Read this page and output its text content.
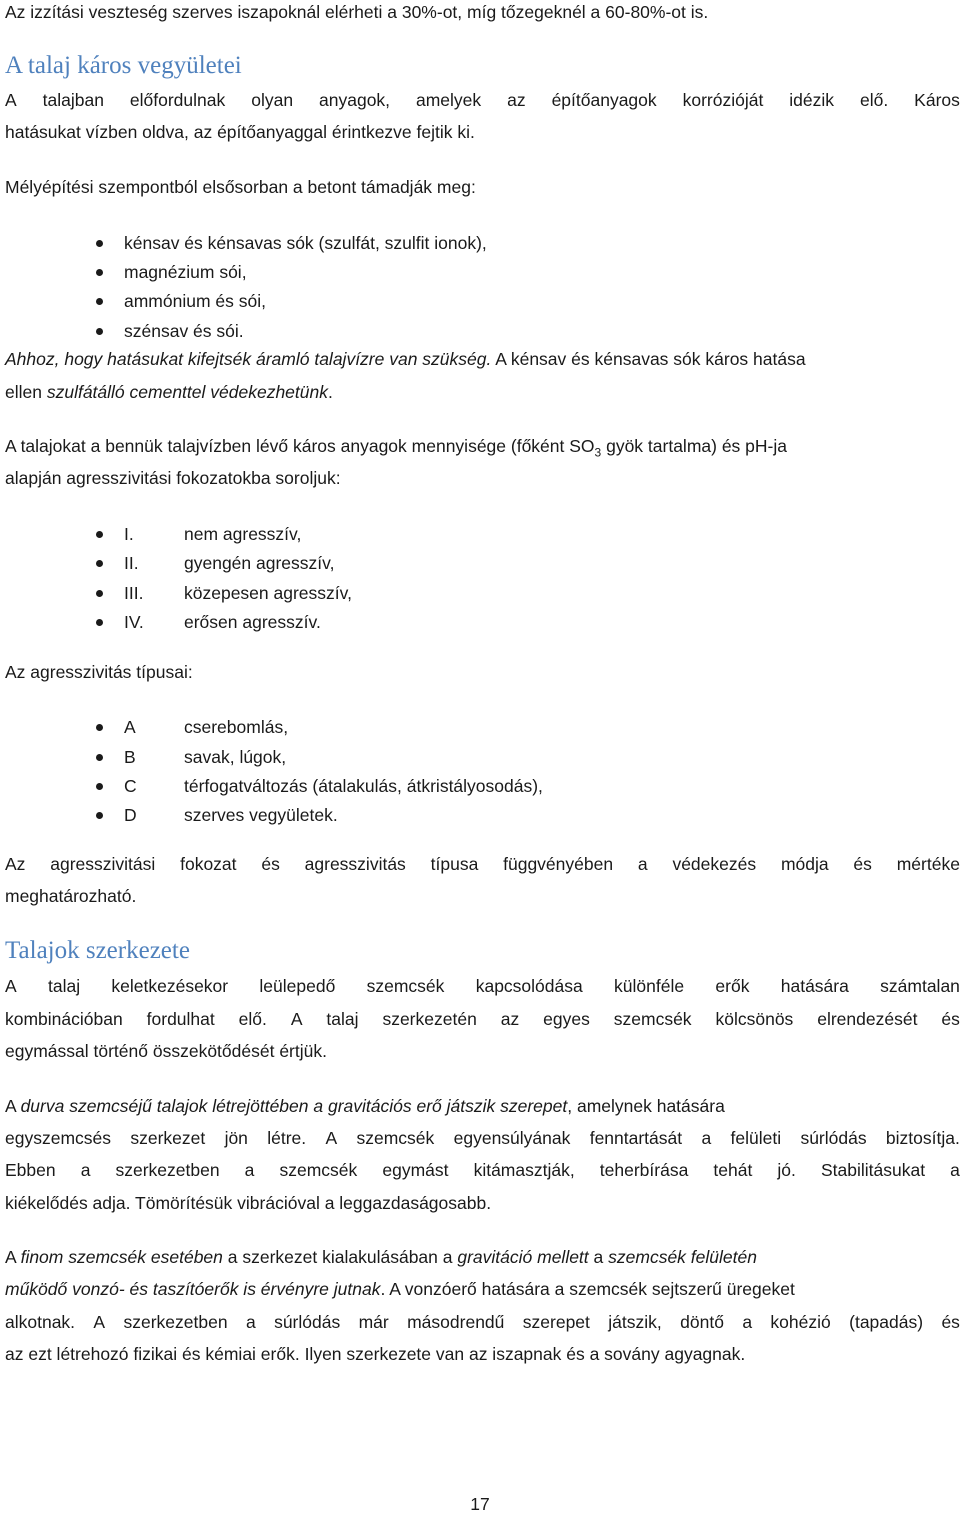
Az izzítási veszteség szerves iszapoknál elérheti a 30%-ot, míg tőzegeknél a 60-80%-ot is.
A talaj káros vegyületei
A talajban előfordulnak olyan anyagok, amelyek az építőanyagok korrózióját idézik elő. Káros
hatásukat vízben oldva, az építőanyaggal érintkezve fejtik ki.
Mélyépítési szempontból elsősorban a betont támadják meg:
kénsav és kénsavas sók (szulfát, szulfit ionok),
magnézium sói,
ammónium és sói,
szénsav és sói.
Ahhoz, hogy hatásukat kifejtsék áramló talajvízre van szükség. A kénsav és kénsavas sók káros hatása
ellen szulfátálló cementtel védekezhetünk.
A talajokat a bennük talajvízben lévő káros anyagok mennyisége (főként $SO_3$ gyök tartalma) és pH-ja
alapján agresszivitási fokozatokba soroljuk:
I.	nem agresszív,
II.	gyengén agresszív,
III. közepesen agresszív,
IV. erősen agresszív.
Az agresszivitás típusai:
A	cserebomlás,
B	savak, lúgok,
C	térfogatváltozás (átalakulás, átkristályosodás),
D	szerves vegyületek.
Az agresszivitási fokozat és agresszivitás típusa függvényében a védekezés módja és mértéke
meghatározható.
Talajok szerkezete
A talaj keletkezésekor leülepedő szemcsék kapcsolódása különféle erők hatására számtalan
kombinációban fordulhat elő. A talaj szerkezetén az egyes szemcsék kölcsönös elrendezését és
egymással történő összekötődését értjük.
A durva szemcséjű talajok létrejöttében a gravitációs erő játszik szerepet, amelynek hatására
egyszemcsés szerkezet jön létre. A szemcsék egyensúlyának fenntartását a felületi súrlódás biztosítja.
Ebben a szerkezetben a szemcsék egymást kitámasztják, teherbírása tehát jó. Stabilitásukat a
kiékelődés adja. Tömörítésük vibrációval a leggazdaságosabb.
A finom szemcsék esetében a szerkezet kialakulásában a gravitáció mellett a szemcsék felületén
működő vonzó- és taszítóerők is érvényre jutnak. A vonzóerő hatására a szemcsék sejtszerű üregeket
alkotnak. A szerkezetben a súrlódás már másodrendű szerepet játszik, döntő a kohézió (tapadás) és
az ezt létrehozó fizikai és kémiai erők. Ilyen szerkezete van az iszapnak és a sovány agyagnak.
17
